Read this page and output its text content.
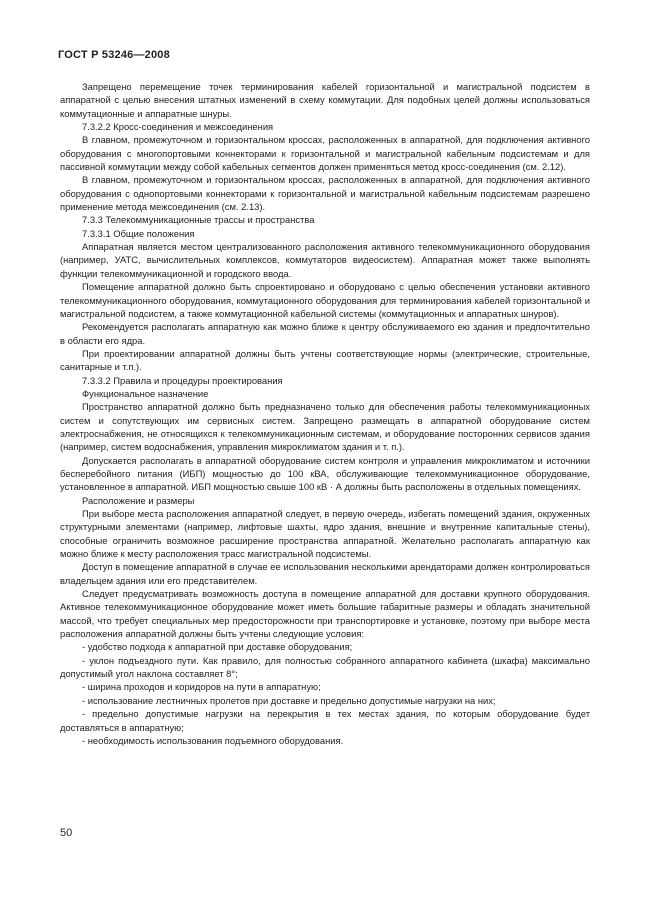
ГОСТ Р 53246—2008

Запрещено перемещение точек терминирования кабелей горизонтальной и магистральной подсистем в аппаратной с целью внесения штатных изменений в схему коммутации. Для подобных целей должны использоваться коммутационные и аппаратные шнуры.

7.3.2.2 Кросс-соединения и межсоединения

В главном, промежуточном и горизонтальном кроссах, расположенных в аппаратной, для подключения активного оборудования с многопортовыми коннекторами к горизонтальной и магистральной кабельным подсистемам и для пассивной коммутации между собой кабельных сегментов должен применяться метод кросс-соединения (см. 2.12).

В главном, промежуточном и горизонтальном кроссах, расположенных в аппаратной, для подключения активного оборудования с однопортовыми коннекторами к горизонтальной и магистральной кабельным подсистемам разрешено применение метода межсоединения (см. 2.13).

7.3.3 Телекоммуникационные трассы и пространства

7.3.3.1 Общие положения

Аппаратная является местом централизованного расположения активного телекоммуникационного оборудования (например, УАТС, вычислительных комплексов, коммутаторов видеосистем). Аппаратная может также выполнять функции телекоммуникационной и городского ввода.

Помещение аппаратной должно быть спроектировано и оборудовано с целью обеспечения установки активного телекоммуникационного оборудования, коммутационного оборудования для терминирования кабелей горизонтальной и магистральной подсистем, а также коммутационной кабельной системы (коммутационных и аппаратных шнуров).

Рекомендуется располагать аппаратную как можно ближе к центру обслуживаемого ею здания и предпочтительно в области его ядра.

При проектировании аппаратной должны быть учтены соответствующие нормы (электрические, строительные, санитарные и т.п.).

7.3.3.2 Правила и процедуры проектирования

Функциональное назначение

Пространство аппаратной должно быть предназначено только для обеспечения работы телекоммуникационных систем и сопутствующих им сервисных систем. Запрещено размещать в аппаратной оборудование систем электроснабжения, не относящихся к телекоммуникационным системам, и оборудование посторонних сервисов здания (например, систем водоснабжения, управления микроклиматом здания и т. п.).

Допускается располагать в аппаратной оборудование систем контроля и управления микроклиматом и источники бесперебойного питания (ИБП) мощностью до 100 кВА, обслуживающие телекоммуникационное оборудование, установленное в аппаратной. ИБП мощностью свыше 100 кВ · А должны быть расположены в отдельных помещениях.

Расположение и размеры

При выборе места расположения аппаратной следует, в первую очередь, избегать помещений здания, окруженных структурными элементами (например, лифтовые шахты, ядро здания, внешние и внутренние капитальные стены), способные ограничить возможное расширение пространства аппаратной. Желательно располагать аппаратную как можно ближе к месту расположения трасс магистральной подсистемы.

Доступ в помещение аппаратной в случае ее использования несколькими арендаторами должен контролироваться владельцем здания или его представителем.

Следует предусматривать возможность доступа в помещение аппаратной для доставки крупного оборудования. Активное телекоммуникационное оборудование может иметь большие габаритные размеры и обладать значительной массой, что требует специальных мер предосторожности при транспортировке и установке, поэтому при выборе места расположения аппаратной должны быть учтены следующие условия:

- удобство подхода к аппаратной при доставке оборудования;

- уклон подъездного пути. Как правило, для полностью собранного аппаратного кабинета (шкафа) максимально допустимый угол наклона составляет 8°;

- ширина проходов и коридоров на пути в аппаратную;

- использование лестничных пролетов при доставке и предельно допустимые нагрузки на них;

- предельно допустимые нагрузки на перекрытия в тех местах здания, по которым оборудование будет доставляться в аппаратную;

- необходимость использования подъемного оборудования.

50
